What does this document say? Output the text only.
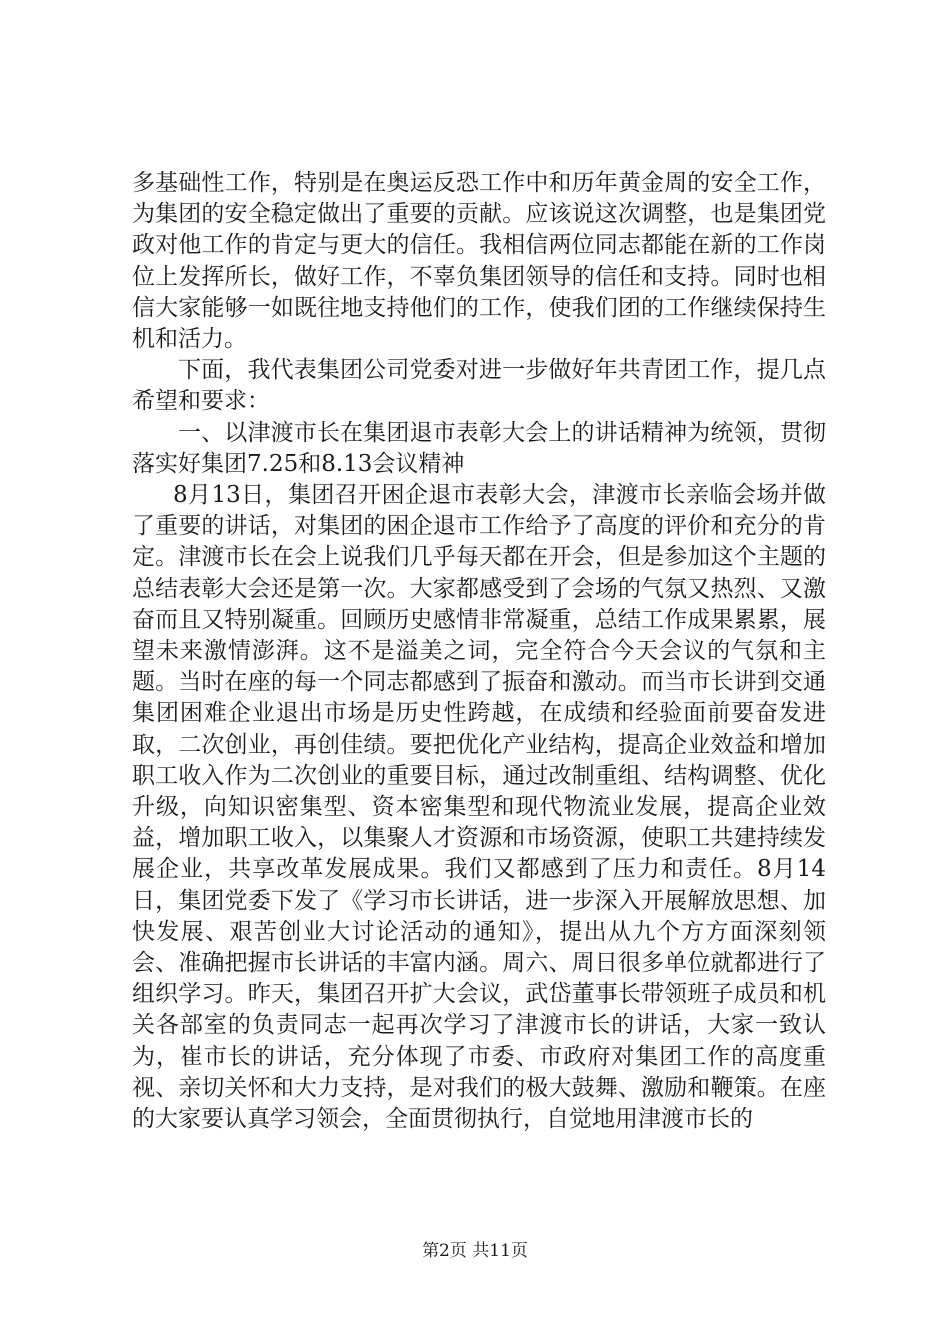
多基础性工作，特别是在奥运反恐工作中和历年黄金周的安全工作，为集团的安全稳定做出了重要的贡献。应该说这次调整，也是集团党政对他工作的肯定与更大的信任。我相信两位同志都能在新的工作岗位上发挥所长，做好工作，不辜负集团领导的信任和支持。同时也相信大家能够一如既往地支持他们的工作，使我们团的工作继续保持生机和活力。

下面，我代表集团公司党委对进一步做好年共青团工作，提几点希望和要求：

一、以津渡市长在集团退市表彰大会上的讲话精神为统领，贯彻落实好集团7.25和8.13会议精神

8月13日，集团召开困企退市表彰大会，津渡市长亲临会场并做了重要的讲话，对集团的困企退市工作给予了高度的评价和充分的肯定。津渡市长在会上说我们几乎每天都在开会，但是参加这个主题的总结表彰大会还是第一次。大家都感受到了会场的气氛又热烈、又激奋而且又特别凝重。回顾历史感情非常凝重，总结工作成果累累，展望未来激情澎湃。这不是溢美之词，完全符合今天会议的气氛和主题。当时在座的每一个同志都感到了振奋和激动。而当市长讲到交通集团困难企业退出市场是历史性跨越，在成绩和经验面前要奋发进取，二次创业，再创佳绩。要把优化产业结构，提高企业效益和增加职工收入作为二次创业的重要目标，通过改制重组、结构调整、优化升级，向知识密集型、资本密集型和现代物流业发展，提高企业效益，增加职工收入，以集聚人才资源和市场资源，使职工共建持续发展企业，共享改革发展成果。我们又都感到了压力和责任。8月14日，集团党委下发了《学习市长讲话，进一步深入开展解放思想、加快发展、艰苦创业大讨论活动的通知》，提出从九个方方面深刻领会、准确把握市长讲话的丰富内涵。周六、周日很多单位就都进行了组织学习。昨天，集团召开扩大会议，武岱董事长带领班子成员和机关各部室的负责同志一起再次学习了津渡市长的讲话，大家一致认为，崔市长的讲话，充分体现了市委、市政府对集团工作的高度重视、亲切关怀和大力支持，是对我们的极大鼓舞、激励和鞭策。在座的大家要认真学习领会，全面贯彻执行，自觉地用津渡市长的

第2页 共11页
